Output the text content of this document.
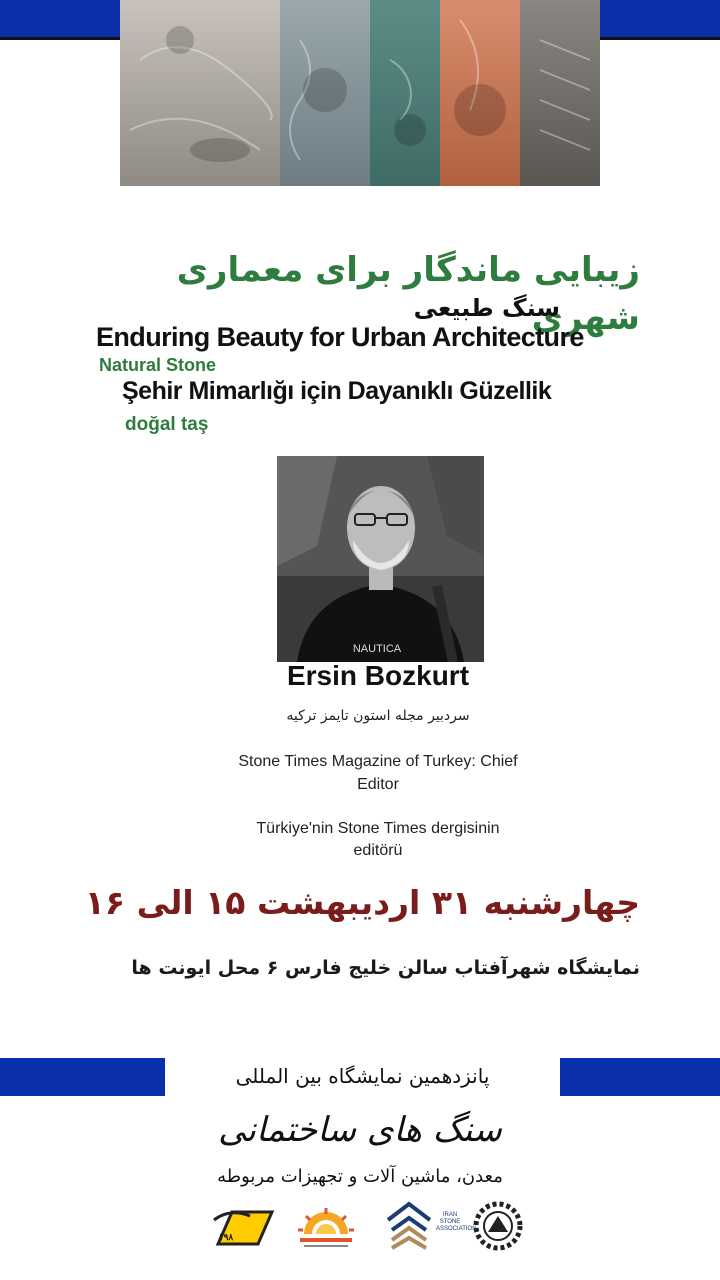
زیبایی ماندگار برای معماری شهری
سنگ طبیعی
Enduring Beauty for Urban Architecture
Natural Stone
Şehir Mimarlığı için Dayanıklı Güzellik
doğal taş
NAUTICA
Ersin Bozkurt
سردبیر مجله استون تایمز ترکیه
Stone Times Magazine of Turkey: Chief Editor
Türkiye'nin Stone Times dergisinin editörü
چهارشنبه ۳۱ اردیبهشت ۱۵ الی ۱۶
نمایشگاه شهرآفتاب سالن خلیج فارس ۶ محل ایونت ها
پانزدهمین نمایشگاه بین المللی
سنگ های ساختمانی
معدن، ماشین آلات و تجهیزات مربوطه
IRAN STONE ASSOCIATION
۱۹۸
